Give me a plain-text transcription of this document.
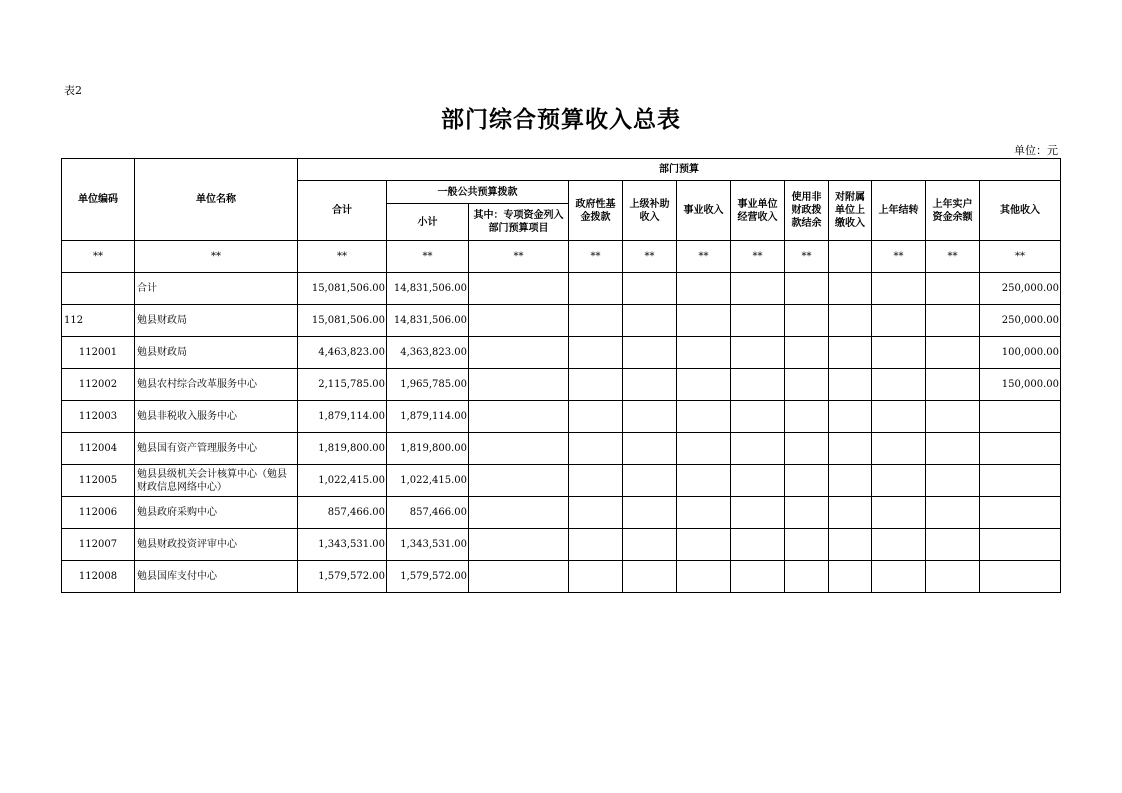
表2
部门综合预算收入总表
单位：元
单位编码	单位名称	部门预算											
		合计	一般公共预算拨款		政府性基金拨款	上级补助收入	事业收入	事业单位经营收入	使用非财政拨款结余	对附属单位上缴收入	上年结转	上年实户资金余额	其他收入
			小计	其中：专项资金列入部门预算项目									
**	**	**	**	**	**	**	**	**	**		**	**	**
	合计	15,081,506.00	14,831,506.00										250,000.00
112	勉县财政局	15,081,506.00	14,831,506.00										250,000.00
112001	勉县财政局	4,463,823.00	4,363,823.00										100,000.00
112002	勉县农村综合改革服务中心	2,115,785.00	1,965,785.00										150,000.00
112003	勉县非税收入服务中心	1,879,114.00	1,879,114.00										
112004	勉县国有资产管理服务中心	1,819,800.00	1,819,800.00										
112005	勉县县级机关会计核算中心（勉县财政信息网络中心）	1,022,415.00	1,022,415.00										
112006	勉县政府采购中心	857,466.00	857,466.00										
112007	勉县财政投资评审中心	1,343,531.00	1,343,531.00										
112008	勉县国库支付中心	1,579,572.00	1,579,572.00										
